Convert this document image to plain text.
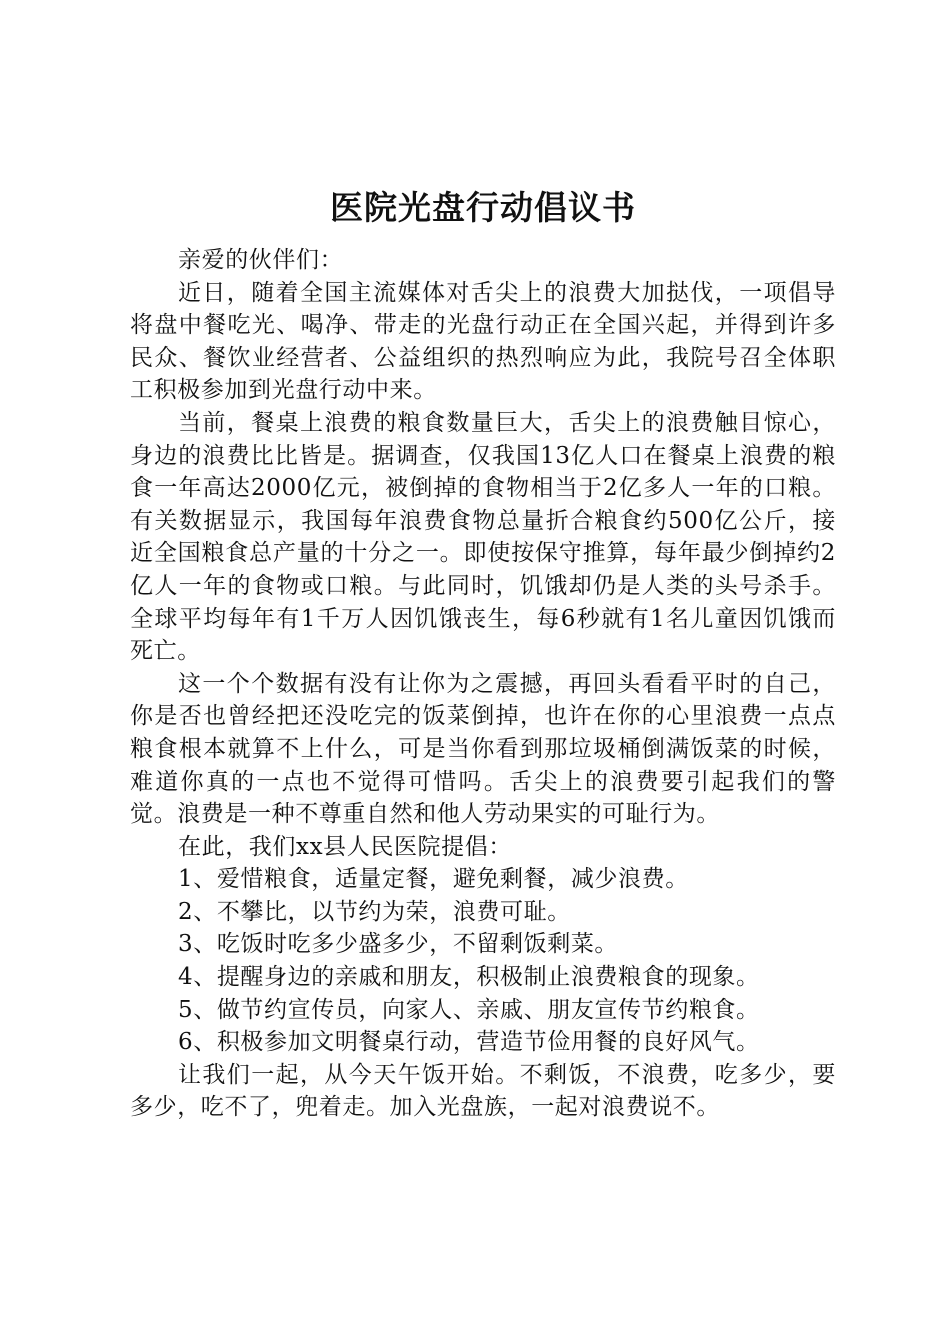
医院光盘行动倡议书

亲爱的伙伴们：

近日，随着全国主流媒体对舌尖上的浪费大加挞伐，一项倡导将盘中餐吃光、喝净、带走的光盘行动正在全国兴起，并得到许多民众、餐饮业经营者、公益组织的热烈响应为此，我院号召全体职工积极参加到光盘行动中来。

当前，餐桌上浪费的粮食数量巨大，舌尖上的浪费触目惊心，身边的浪费比比皆是。据调查，仅我国13亿人口在餐桌上浪费的粮食一年高达2000亿元，被倒掉的食物相当于2亿多人一年的口粮。有关数据显示，我国每年浪费食物总量折合粮食约500亿公斤，接近全国粮食总产量的十分之一。即使按保守推算，每年最少倒掉约2亿人一年的食物或口粮。与此同时，饥饿却仍是人类的头号杀手。全球平均每年有1千万人因饥饿丧生，每6秒就有1名儿童因饥饿而死亡。

这一个个数据有没有让你为之震撼，再回头看看平时的自己，你是否也曾经把还没吃完的饭菜倒掉，也许在你的心里浪费一点点粮食根本就算不上什么，可是当你看到那垃圾桶倒满饭菜的时候，难道你真的一点也不觉得可惜吗。舌尖上的浪费要引起我们的警觉。浪费是一种不尊重自然和他人劳动果实的可耻行为。

在此，我们xx县人民医院提倡：

1、爱惜粮食，适量定餐，避免剩餐，减少浪费。

2、不攀比，以节约为荣，浪费可耻。

3、吃饭时吃多少盛多少，不留剩饭剩菜。

4、提醒身边的亲戚和朋友，积极制止浪费粮食的现象。

5、做节约宣传员，向家人、亲戚、朋友宣传节约粮食。

6、积极参加文明餐桌行动，营造节俭用餐的良好风气。

让我们一起，从今天午饭开始。不剩饭，不浪费，吃多少，要多少，吃不了，兜着走。加入光盘族，一起对浪费说不。
